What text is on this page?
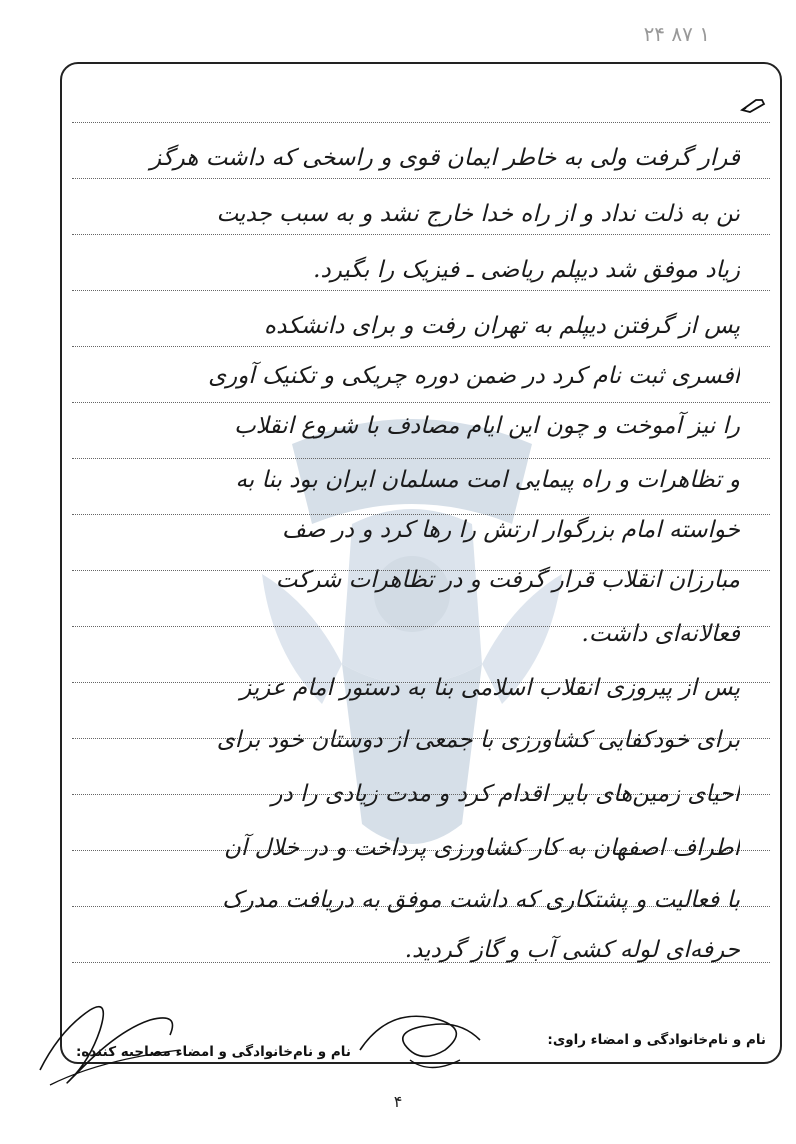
۱ ۸۷ ۲۴
قرار گرفت ولی به خاطر ایمان قوی و راسخی که داشت هرگز
تن به ذلت نداد و از راه خدا خارج نشد و به سبب جدیت
زیاد موفق شد دیپلم ریاضی ـ فیزیک را بگیرد.
پس از گرفتن دیپلم به تهران رفت و برای دانشکده
افسری ثبت نام کرد در ضمن دوره چریکی و تکنیک آوری
را نیز آموخت و چون این ایام مصادف با شروع انقلاب
و تظاهرات و راه پیمایی امت مسلمان ایران بود بنا به
خواسته امام بزرگوار ارتش را رها کرد و در صف
مبارزان انقلاب قرار گرفت و در تظاهرات شرکت
فعالانه‌ای داشت.
پس از پیروزی انقلاب اسلامی بنا به دستور امام عزیز
برای خودکفایی کشاورزی با جمعی از دوستان خود برای
احیای زمین‌های بایر اقدام کرد و مدت زیادی را در
اطراف اصفهان به کار کشاورزی پرداخت و در خلال آن
با فعالیت و پشتکاری که داشت موفق به دریافت مدرک
حرفه‌ای لوله کشی آب و گاز گردید.
نام و نام‌خانوادگی و امضاء راوی:
نام و نام‌خانوادگی و امضاء مصاحبه کننده:
۴
